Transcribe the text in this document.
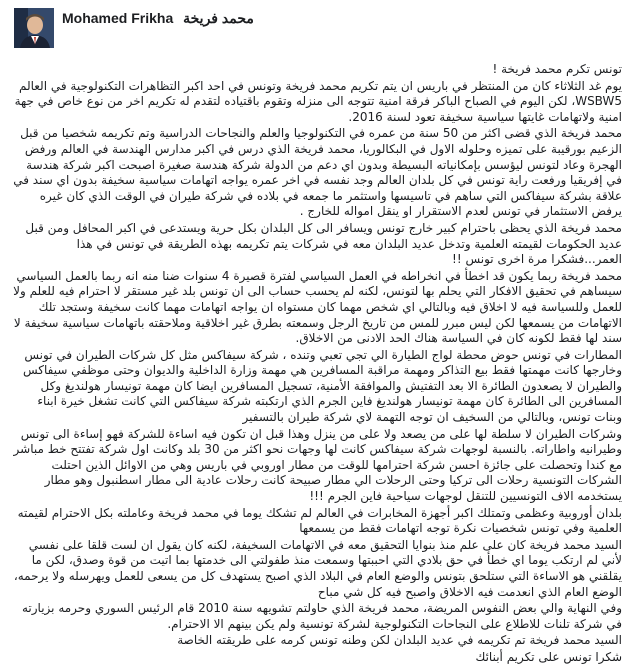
Mohamed Frikha محمد فريخة

تونس تكرم محمد فريخة !

يوم غد الثلاثاء كان من المنتظر في باريس ان يتم تكريم محمد فريخة وتونس في احد اكبر التظاهرات التكنولوجية في العالم WSBW5، لكن اليوم في الصباح الباكر فرقة امنية تتوجه الى منزله وتقوم باقتياده لتقدم له تكريم اخر من نوع خاص في جهة امنية ولاتهامات غايتها سياسية سخيفة تعود لسنة 2016.

محمد فريخة الذي قضى اكثر من 50 سنة من عمره في التكنولوجيا والعلم والنجاحات الدراسية وتم تكريمه شخصيا من قبل الزعيم بورقيبة على تميزه وحلوله الاول في البكالوريا، محمد فريخة الذي درس في اكبر مدارس الهندسة في العالم ورفض الهجرة وعاد لتونس ليؤسس بإمكانياته البسيطة وبدون اي دعم من الدولة شركة هندسة صغيرة اصبحت اكبر شركة هندسة في إفريقيا ورفعت راية تونس في كل بلدان العالم وجد نفسه في اخر عمره يواجه اتهامات سياسية سخيفة بدون اي سند في علاقة بشركة سيفاكس التي ساهم في تاسيسها واستثمر ما جمعه في بلاده في شركة طيران في الوقت الذي كان غيره يرفض الاستثمار في تونس لعدم الاستقرار او ينقل امواله للخارج .

محمد فريخة الذي يحظى باحترام كبير خارج تونس ويسافر الى كل البلدان بكل حرية ويستدعى في اكبر المحافل ومن قبل عديد الحكومات لقيمته العلمية وتدخل عديد البلدان معه في شركات يتم تكريمه بهذه الطريقة في تونس في هذا العمر...فشكرا مرة اخرى تونس !!

محمد فريخة ربما يكون قد اخطأ في انخراطه في العمل السياسي لفترة قصيرة 4 سنوات ضنا منه انه ربما بالعمل السياسي سيساهم في تحقيق الافكار التي يحلم بها لتونس، لكنه لم يحسب حساب الى ان تونس بلد غير مستقر لا احترام فيه للعلم ولا للعمل وللسياسة فيه لا اخلاق فيه وبالتالي اي شخص مهما كان مستواه ان يواجه اتهامات مهما كانت سخيفة وستجد تلك الاتهامات من يسمعها لكن ليس مبرر للمس من تاريخ الرجل وسمعته بطرق غير اخلاقية وملاحقته باتهامات سياسية سخيفة لا سند لها فقط لكونه كان في السياسة هناك الحد الادنى من الاخلاق.

المطارات في تونس حوض محطة لواج الطيارة الي تجي تعبي وتنده ، شركة سيفاكس مثل كل شركات الطيران في تونس وخارجها كانت مهمتها فقط بيع التذاكر ومهمة مراقبة المسافرين هي مهمة وزارة الداخلية والديوان وحتى موظفي سيفاكس والطيران لا يصعدون الطائرة الا بعد التفتيش والموافقة الأمنية، تسجيل المسافرين ايضا كان مهمة تونيسار هولنديغ وكل المسافرين الى الطائرة كان مهمة تونيسار هولنديغ فاين الجرم الذي ارتكبته شركة سيفاكس التي كانت تشغل خيرة ابناء وبنات تونس، وبالتالي من السخيف ان توجه التهمة لاي شركة طيران بالتسفير

وشركات الطيران لا سلطة لها على من يصعد ولا على من ينزل وهذا قبل ان تكون فيه اساءة للشركة فهو إساءة الى تونس وطيرانيه واطاراته. بالنسبة لوجهات شركة سيفاكس كانت لها وجهات نحو اكثر من 30 بلد وكانت اول شركة تفتتح خط مباشر مع كندا وتحصلت على جائزة احسن شركة احترامها للوقت من مطار اوروبي في باريس وهي من الاوائل الذين احتلت الشركات التونسية رحلات الى تركيا وحتى الرحلات الي مطار صبيحة كانت رحلات عادية الى مطار اسطنبول وهو مطار يستخدمه الاف التونسيين للتنقل لوجهات سياحية فاين الجرم !!!

بلدان أوروبية وعظمى وتمتلك اكبر أجهزة المخابرات في العالم لم تشكك يوما في محمد فريخة وعاملته بكل الاحترام لقيمته العلمية وفي تونس شخصيات نكرة توجه اتهامات فقط من يسمعها

السيد محمد فريخة كان على علم منذ بنوايا التحقيق معه في الاتهامات السخيفة، لكنه كان يقول ان لست قلقا على نفسي لأني لم ارتكب يوما اي خطأ في حق بلادي التي احببتها وسمعت منذ طفولتي الى خدمتها بما اتيت من قوة وصدق، لكن ما يقلقني هو الاساءة التي ستلحق بتونس والوضع العام في البلاد الذي اصبح يستهدف كل من يسعى للعمل ويهرسله ولا يرحمه، الوضع العام الذي انعدمت فيه الاخلاق واصبح فيه كل شي مباح

وفي النهاية والي بعض النفوس المريضة، محمد فريخة الذي حاولتم تشويهه سنة 2010 قام الرئيس السوري وحرمه بزيارته في شركة تلنات للاطلاع على النجاحات التكنولوجية لشركة تونسية ولم يكن بينهم الا الاحترام.

السيد محمد فريخة تم تكريمه في عديد البلدان لكن وطنه تونس كرمه على طريقته الخاصة

شكرا تونس على تكريم أبنائك
